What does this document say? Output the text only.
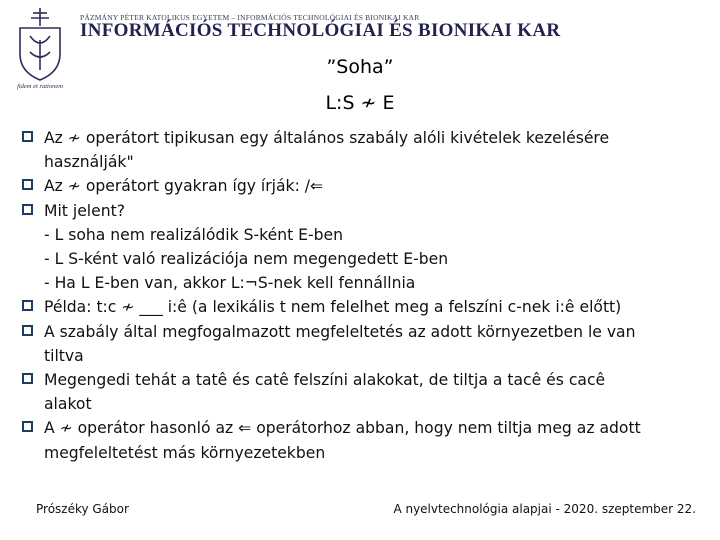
fidem et rationem
PÁZMÁNY PÉTER KATOLIKUS EGYETEM – INFORMÁCIÓS TECHNOLÓGIAI ÉS BIONIKAI KAR
INFORMÁCIÓS TECHNOLÓGIAI ÉS BIONIKAI KAR
”Soha”
L:S ≁ E
Az ≁ operátort tipikusan egy általános szabály alóli kivételek kezelésére

használják"
Az ≁ operátort gyakran így írják: /⇐

Mit jelent?

- L soha nem realizálódik S-ként E-ben
- L S-ként való realizációja nem megengedett E-ben
- Ha L E-ben van, akkor L:¬S-nek kell fennállnia
Példa: t:c ≁ ___ i:ê (a lexikális t nem felelhet meg a felszíni c-nek i:ê előtt)

A szabály által megfogalmazott megfeleltetés az adott környezetben le van

tiltva
Megengedi tehát a tatê és catê felszíni alakokat, de tiltja a tacê és cacê

alakot
A ≁ operátor hasonló az ⇐ operátorhoz abban, hogy nem tiltja meg az adott

megfeleltetést más környezetekben
Prószéky Gábor	A nyelvtechnológia alapjai - 2020. szeptember 22.
